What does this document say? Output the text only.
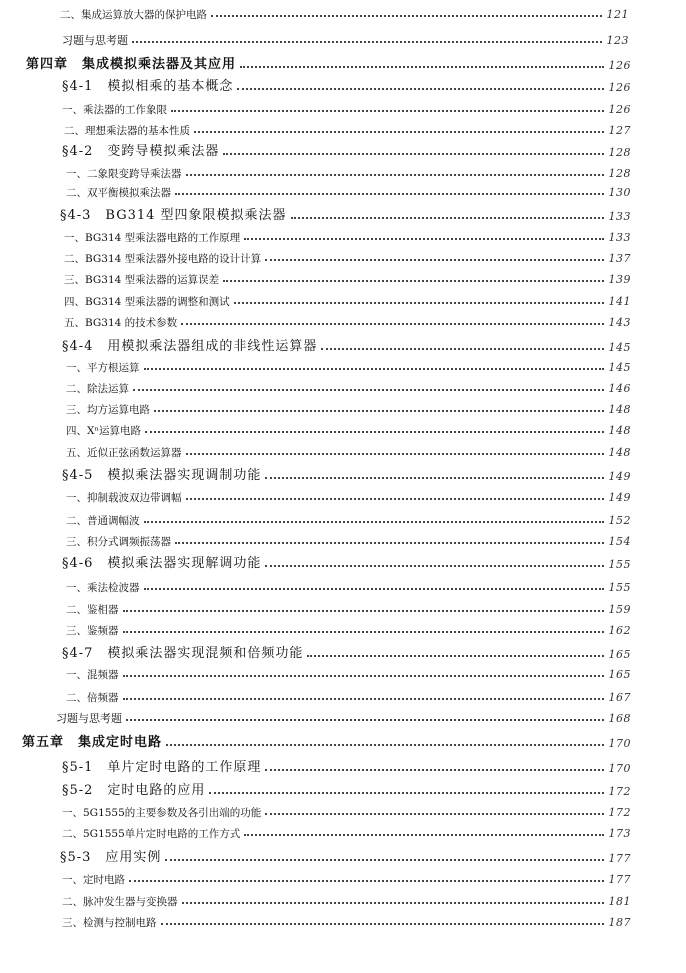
二、集成运算放大器的保护电路	121
习题与思考题	123
第四章　集成模拟乘法器及其应用	126
§4-1　模拟相乘的基本概念	126
一、乘法器的工作象限	126
二、理想乘法器的基本性质	127
§4-2　变跨导模拟乘法器	128
一、二象限变跨导乘法器	128
二、双平衡模拟乘法器	130
§4-3　BG314 型四象限模拟乘法器	133
一、BG314 型乘法器电路的工作原理	133
二、BG314 型乘法器外接电路的设计计算	137
三、BG314 型乘法器的运算误差	139
四、BG314 型乘法器的调整和测试	141
五、BG314 的技术参数	143
§4-4　用模拟乘法器组成的非线性运算器	145
一、平方根运算	145
二、除法运算	146
三、均方运算电路	148
四、Xⁿ运算电路	148
五、近似正弦函数运算器	148
§4-5　模拟乘法器实现调制功能	149
一、抑制载波双边带调幅	149
二、普通调幅波	152
三、积分式调频振荡器	154
§4-6　模拟乘法器实现解调功能	155
一、乘法检波器	155
二、鉴相器	159
三、鉴频器	162
§4-7　模拟乘法器实现混频和倍频功能	165
一、混频器	165
二、倍频器	167
习题与思考题	168
第五章　集成定时电路	170
§5-1　单片定时电路的工作原理	170
§5-2　定时电路的应用	172
一、5G1555的主要参数及各引出端的功能	172
二、5G1555单片定时电路的工作方式	173
§5-3　应用实例	177
一、定时电路	177
二、脉冲发生器与变换器	181
三、检测与控制电路	187
